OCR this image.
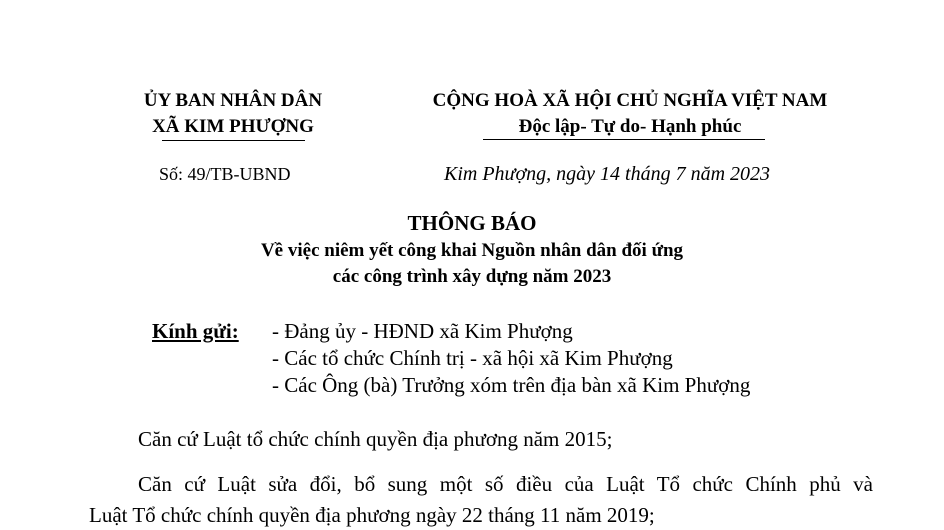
ỦY BAN NHÂN DÂN
XÃ KIM PHƯỢNG
CỘNG HOÀ XÃ HỘI CHỦ NGHĨA VIỆT NAM
Độc lập- Tự do- Hạnh phúc
Số: 49/TB-UBND	Kim Phượng, ngày 14 tháng 7 năm 2023
THÔNG BÁO
Về việc niêm yết công khai Nguồn nhân dân đối ứng
các công trình xây dựng năm 2023
Kính gửi: - Đảng ủy - HĐND xã Kim Phượng
- Các tổ chức Chính trị - xã hội xã Kim Phượng
- Các Ông (bà) Trưởng xóm trên địa bàn xã Kim Phượng
Căn cứ Luật tổ chức chính quyền địa phương năm 2015;
Căn cứ Luật sửa đổi, bổ sung một số điều của Luật Tổ chức Chính phủ và
Luật Tổ chức chính quyền địa phương ngày 22 tháng 11 năm 2019;
